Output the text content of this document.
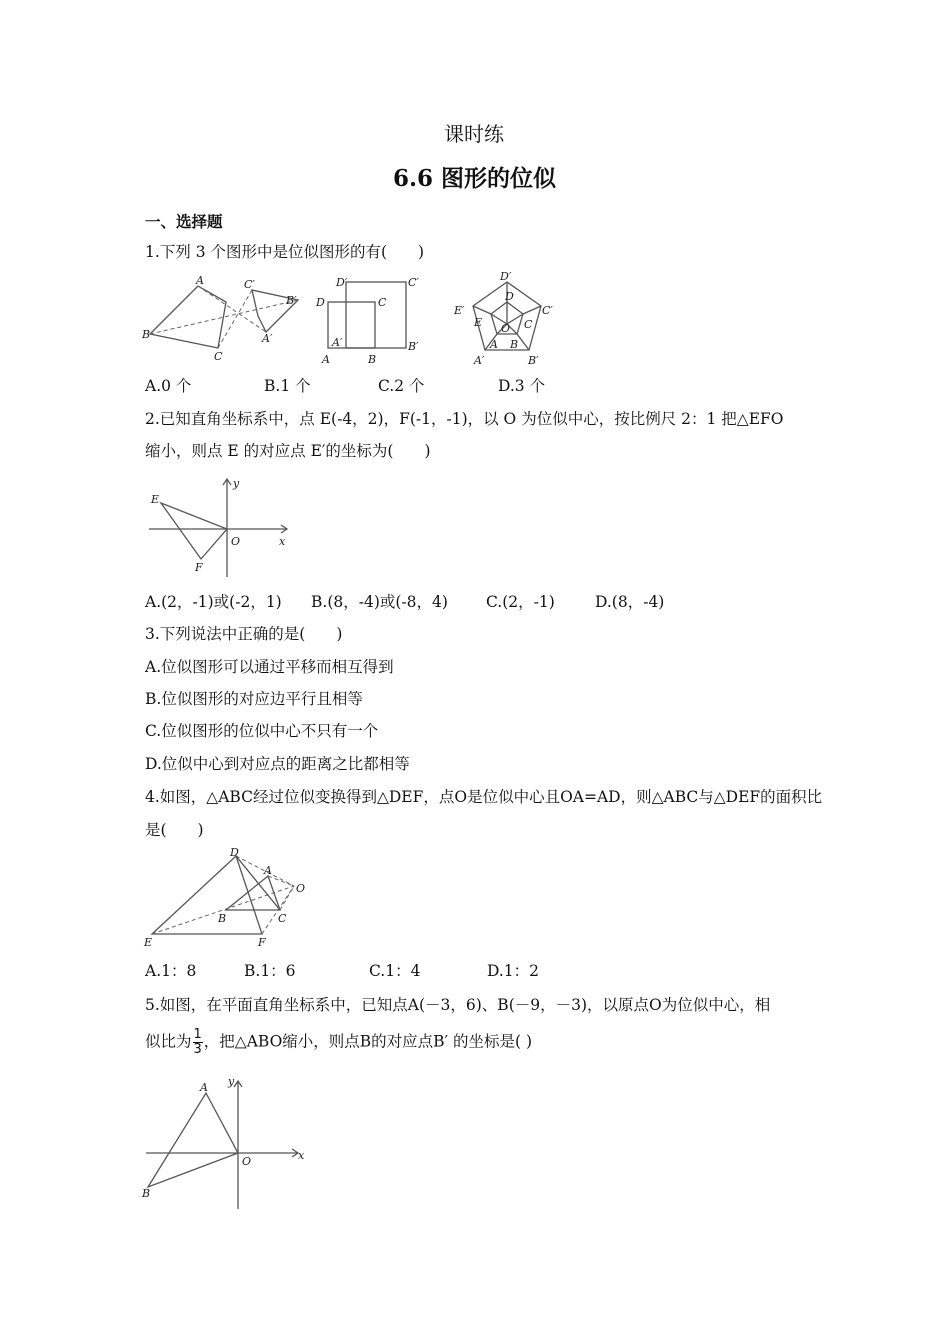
课时练
6.6 图形的位似
一、选择题
1.下列 3 个图形中是位似图形的有(　　)
A
B
C
A′
B′
C′	D′	C′
D	C
A′	B′
A	B
D′
D
E′
E
C′
C
O
A B
A′	B′
A.0 个	B.1 个	C.2 个	D.3 个
2.已知直角坐标系中，点 E(-4，2)，F(-1，-1)，以 O 为位似中心，按比例尺 2：1 把△EFO
缩小，则点 E 的对应点 E′的坐标为(　　)
E
F
O	x
y
A.(2，-1)或(-2，1) B.(8，-4)或(-8，4) C.(2，-1)	D.(8，-4)
3.下列说法中正确的是(　　)
A.位似图形可以通过平移而相互得到
B.位似图形的对应边平行且相等
C.位似图形的位似中心不只有一个
D.位似中心到对应点的距离之比都相等
4.如图，△ABC经过位似变换得到△DEF，点O是位似中心且OA=AD，则△ABC与△DEF的面积比
是(　　)
D
A
O
B	C
E	F
A.1：8	B.1：6	C.1：4	D.1：2
5.如图，在平面直角坐标系中，已知点A(－3，6)、B(－9，－3)，以原点O为位似中心，相
似比为 $\frac{1}{3}$ ，把△ABO缩小，则点B的对应点B′ 的坐标是( )
A
B
O	x
y
